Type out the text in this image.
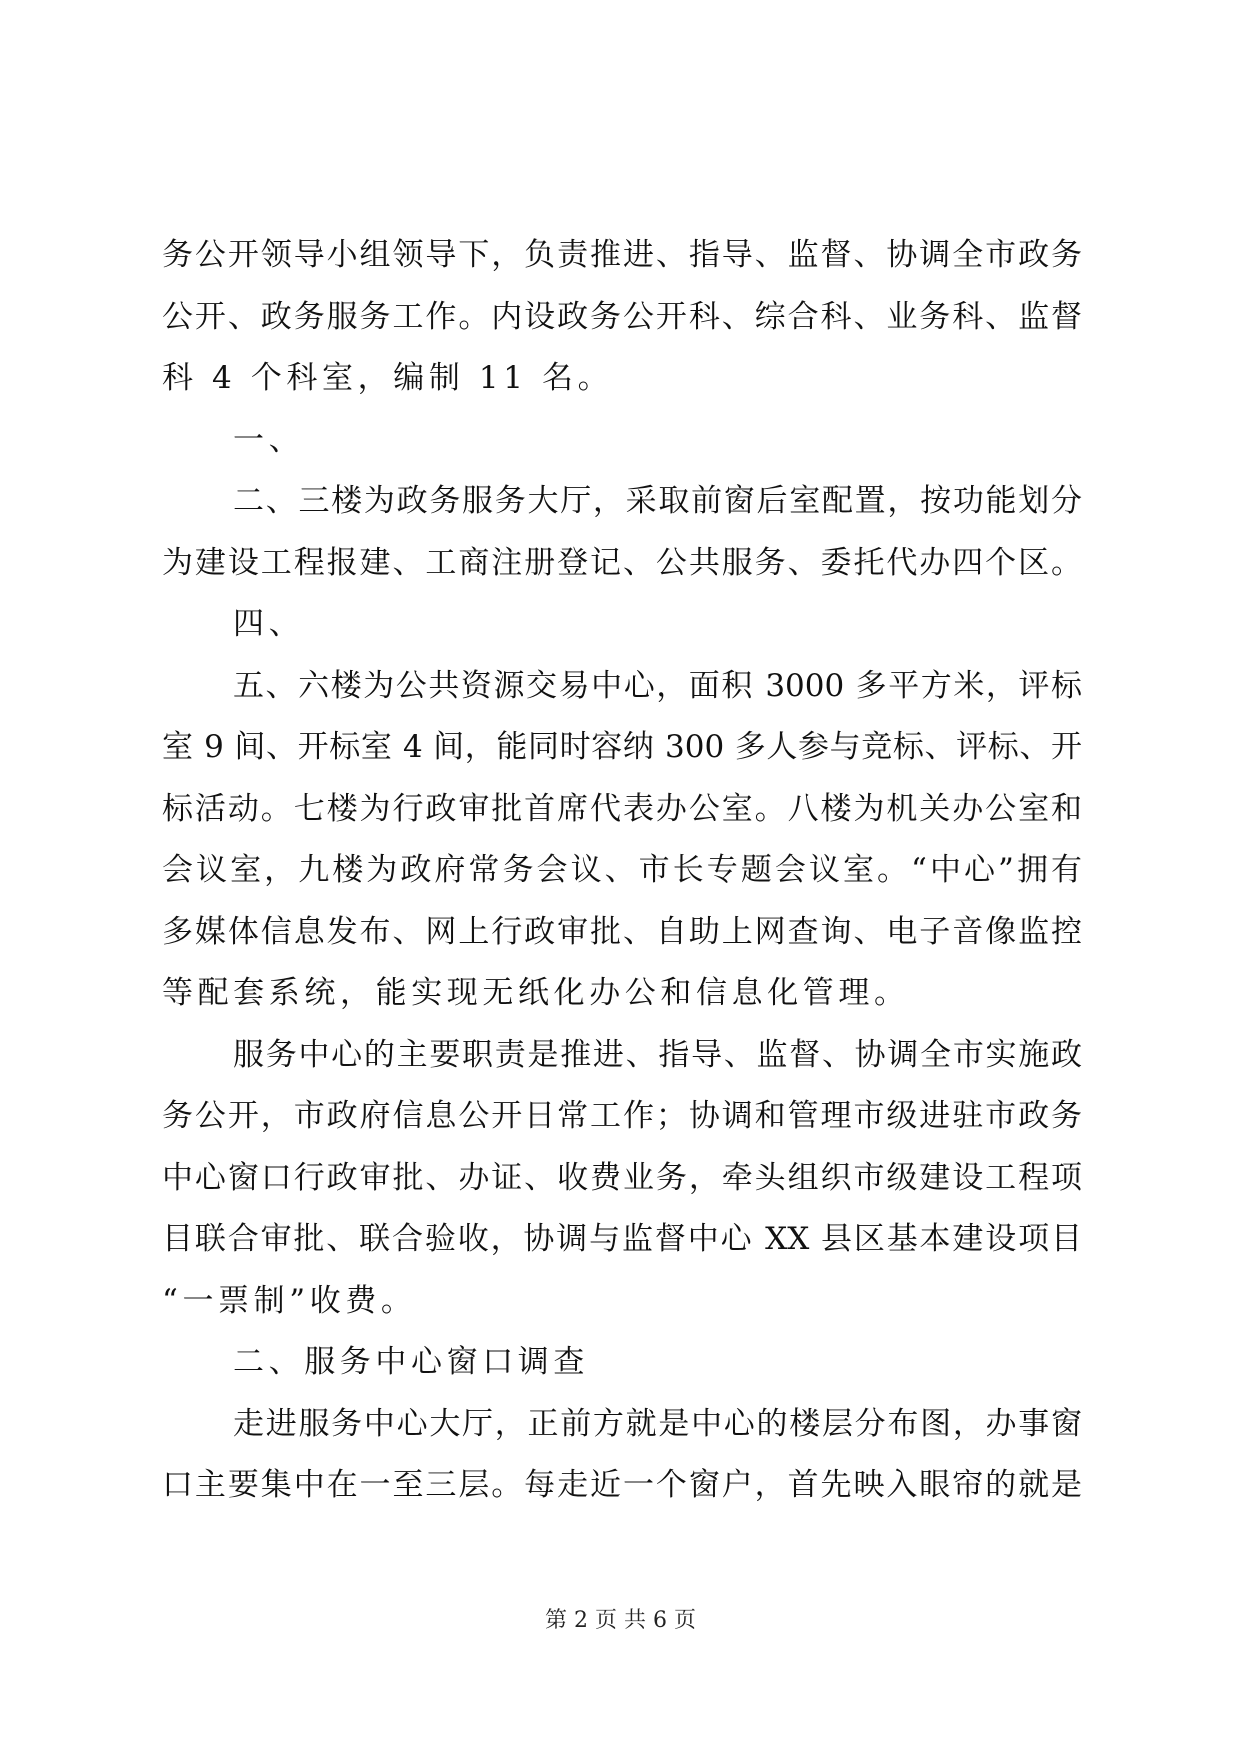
务公开领导小组领导下，负责推进、指导、监督、协调全市政务
公开、政务服务工作。内设政务公开科、综合科、业务科、监督
科 4 个科室，编制 11 名。
一、
二、三楼为政务服务大厅，采取前窗后室配置，按功能划分
为建设工程报建、工商注册登记、公共服务、委托代办四个区。
四、
五、六楼为公共资源交易中心，面积 3000 多平方米，评标
室 9 间、开标室 4 间，能同时容纳 300 多人参与竞标、评标、开
标活动。七楼为行政审批首席代表办公室。八楼为机关办公室和
会议室，九楼为政府常务会议、市长专题会议室。“中心”拥有
多媒体信息发布、网上行政审批、自助上网查询、电子音像监控
等配套系统，能实现无纸化办公和信息化管理。
服务中心的主要职责是推进、指导、监督、协调全市实施政
务公开，市政府信息公开日常工作；协调和管理市级进驻市政务
中心窗口行政审批、办证、收费业务，牵头组织市级建设工程项
目联合审批、联合验收，协调与监督中心 XX 县区基本建设项目
“一票制”收费。
二、服务中心窗口调查
走进服务中心大厅，正前方就是中心的楼层分布图，办事窗
口主要集中在一至三层。每走近一个窗户，首先映入眼帘的就是
第 2 页 共 6 页
